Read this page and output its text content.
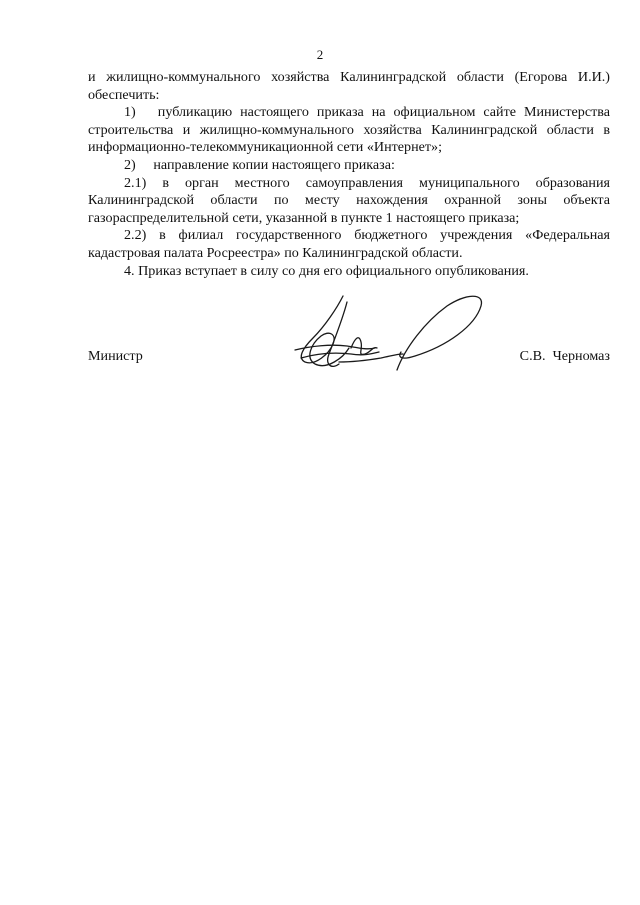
2

и жилищно-коммунального хозяйства Калининградской области (Егорова И.И.) обеспечить:

1)  публикацию настоящего приказа на официальном сайте Министерства строительства и жилищно-коммунального хозяйства Калининградской области в информационно-телекоммуникационной сети «Интернет»;

2)  направление копии настоящего приказа:

2.1) в орган местного самоуправления муниципального образования Калининградской области по месту нахождения охранной зоны объекта газораспределительной сети, указанной в пункте 1 настоящего приказа;

2.2) в филиал государственного бюджетного учреждения «Федеральная кадастровая палата Росреестра» по Калининградской области.

4. Приказ вступает в силу со дня его официального опубликования.

Министр	С.В.  Черномаз
